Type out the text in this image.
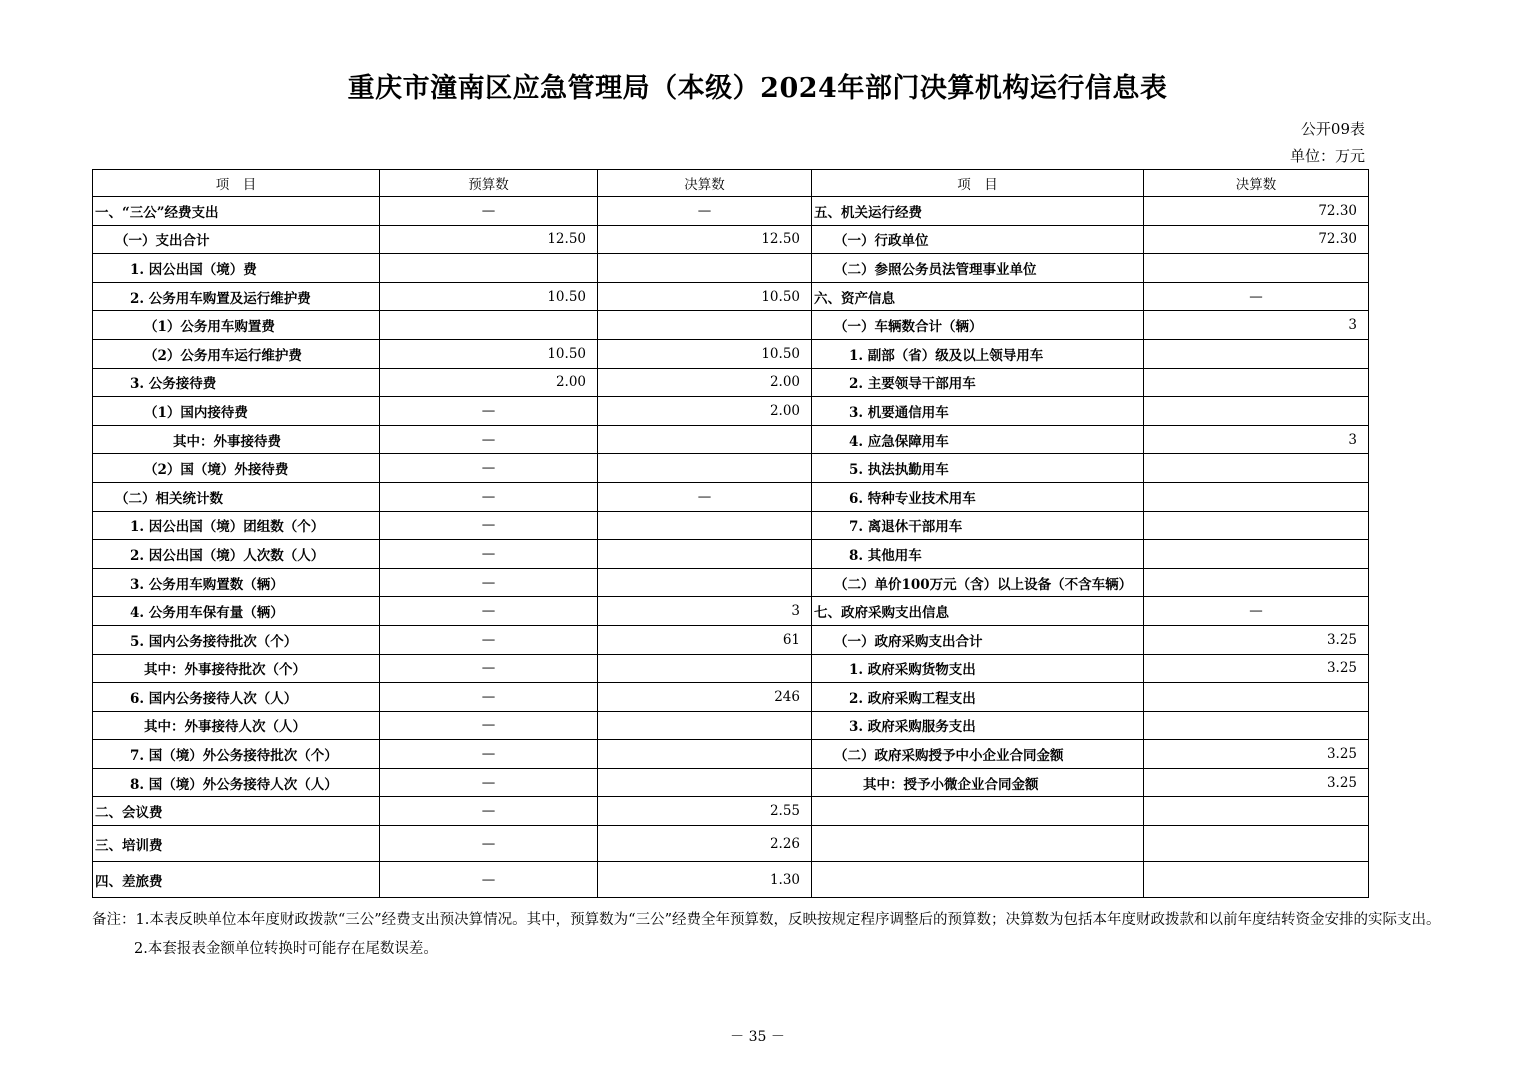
重庆市潼南区应急管理局（本级）2024年部门决算机构运行信息表
公开09表
单位：万元
项　目	预算数	决算数	项　目	决算数
一、“三公”经费支出	—	—	五、机关运行经费	72.30
（一）支出合计	12.50	12.50	（一）行政单位	72.30
1. 因公出国（境）费			（二）参照公务员法管理事业单位	
2. 公务用车购置及运行维护费	10.50	10.50	六、资产信息	—
（1）公务用车购置费			（一）车辆数合计（辆）	3
（2）公务用车运行维护费	10.50	10.50	1. 副部（省）级及以上领导用车	
3. 公务接待费	2.00	2.00	2. 主要领导干部用车	
（1）国内接待费	—	2.00	3. 机要通信用车	
其中：外事接待费	—		4. 应急保障用车	3
（2）国（境）外接待费	—		5. 执法执勤用车	
（二）相关统计数	—	—	6. 特种专业技术用车	
1. 因公出国（境）团组数（个）	—		7. 离退休干部用车	
2. 因公出国（境）人次数（人）	—		8. 其他用车	
3. 公务用车购置数（辆）	—		（二）单价100万元（含）以上设备（不含车辆）	
4. 公务用车保有量（辆）	—	3	七、政府采购支出信息	—
5. 国内公务接待批次（个）	—	61	（一）政府采购支出合计	3.25
其中：外事接待批次（个）	—		1. 政府采购货物支出	3.25
6. 国内公务接待人次（人）	—	246	2. 政府采购工程支出	
其中：外事接待人次（人）	—		3. 政府采购服务支出	
7. 国（境）外公务接待批次（个）	—		（二）政府采购授予中小企业合同金额	3.25
8. 国（境）外公务接待人次（人）	—		其中：授予小微企业合同金额	3.25
二、会议费	—	2.55		
三、培训费	—	2.26		
四、差旅费	—	1.30		

备注：1.本表反映单位本年度财政拨款“三公”经费支出预决算情况。其中，预算数为“三公”经费全年预算数，反映按规定程序调整后的预算数；决算数为包括本年度财政拨款和以前年度结转资金安排的实际支出。

2.本套报表金额单位转换时可能存在尾数误差。

－ 35 －
